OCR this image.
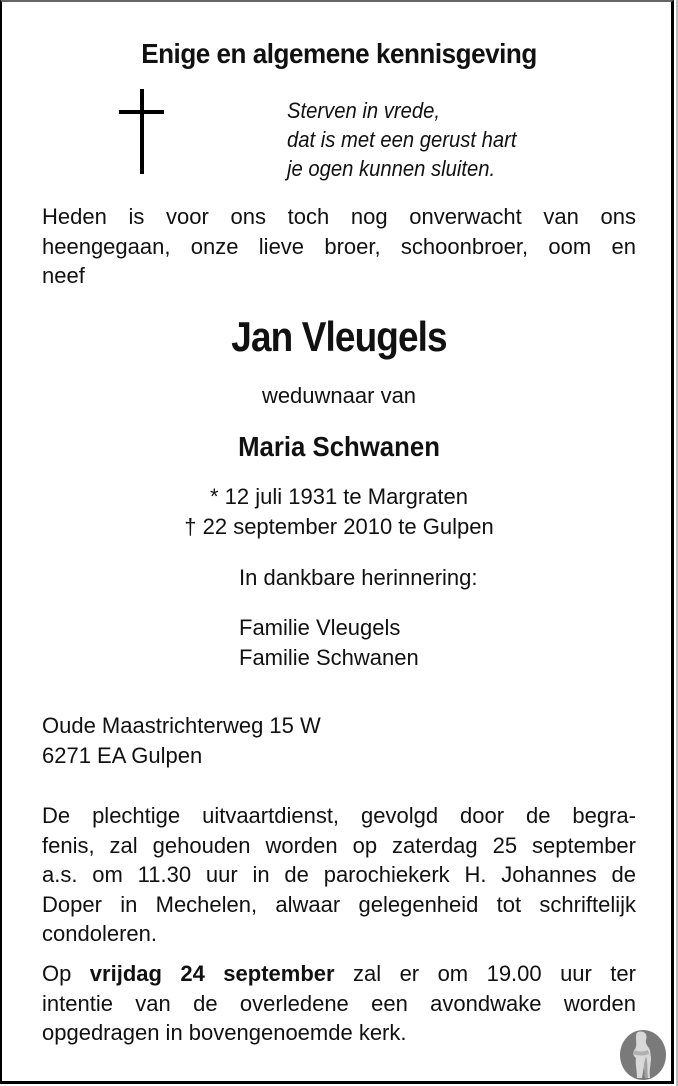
Enige en algemene kennisgeving
Sterven in vrede,
dat is met een gerust hart
je ogen kunnen sluiten.
Heden is voor ons toch nog onverwacht van ons
heengegaan, onze lieve broer, schoonbroer, oom en
neef
Jan Vleugels
weduwnaar van
Maria Schwanen
* 12 juli 1931 te Margraten
† 22 september 2010 te Gulpen
In dankbare herinnering:
Familie Vleugels
Familie Schwanen
Oude Maastrichterweg 15 W
6271 EA Gulpen
De plechtige uitvaartdienst, gevolgd door de begra-
fenis, zal gehouden worden op zaterdag 25 september
a.s. om 11.30 uur in de parochiekerk H. Johannes de
Doper in Mechelen, alwaar gelegenheid tot schriftelijk
condoleren.
Op vrijdag 24 september zal er om 19.00 uur ter
intentie van de overledene een avondwake worden
opgedragen in bovengenoemde kerk.
